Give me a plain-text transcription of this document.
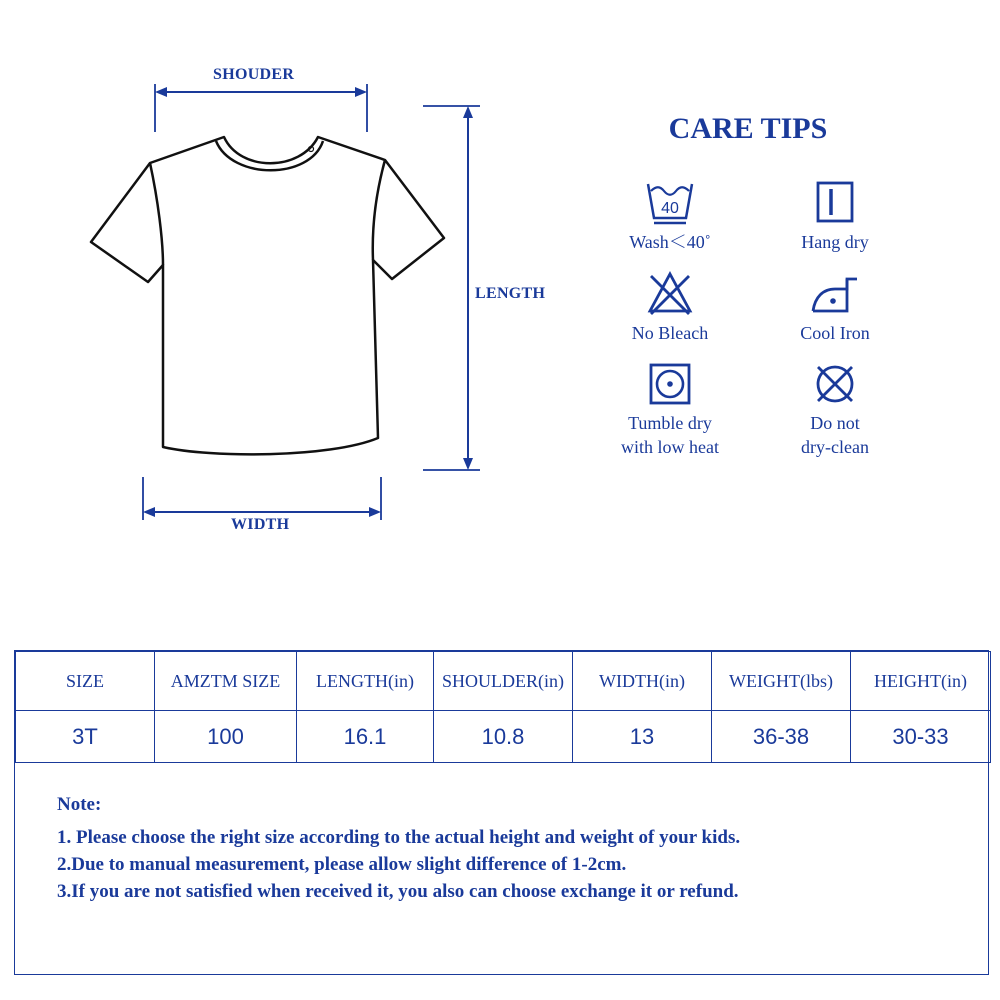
SHOUDER
LENGTH
WIDTH
CARE TIPS
40
Wash＜40˚	Hang dry
No Bleach	Cool Iron
Tumble dry
with low heat
Do not
dry-clean
SIZE	AMZTM SIZE	LENGTH(in)	SHOULDER(in)	WIDTH(in)	WEIGHT(lbs)	HEIGHT(in)
3T	100	16.1	10.8	13	36-38	30-33
Note:
1. Please choose the right size according to the actual height and weight of your kids.
2.Due to manual measurement, please allow slight difference of 1-2cm.
3.If you are not satisfied when received it, you also can choose exchange it or refund.
